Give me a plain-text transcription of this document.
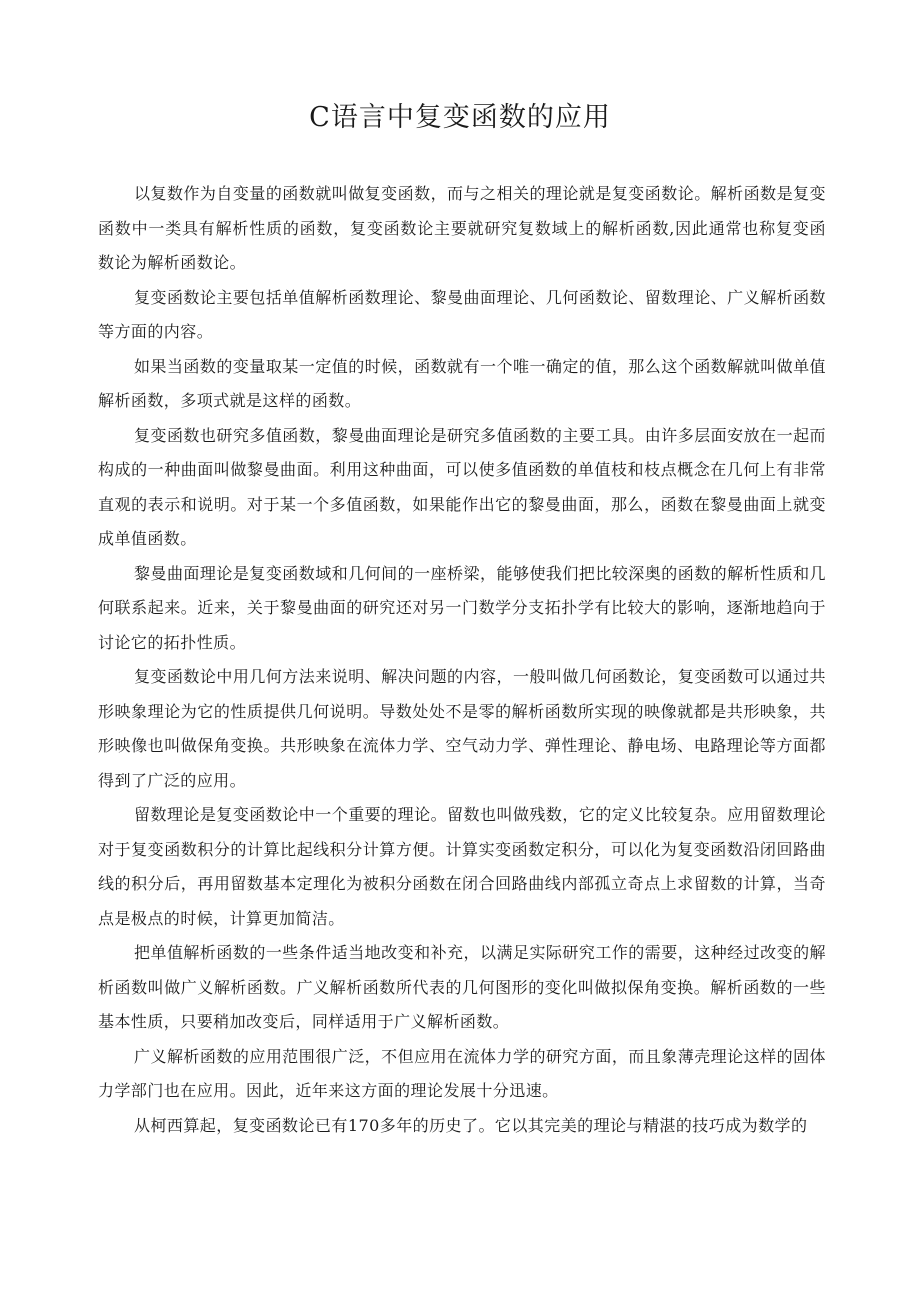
C语言中复变函数的应用

以复数作为自变量的函数就叫做复变函数，而与之相关的理论就是复变函数论。解析函数是复变函数中一类具有解析性质的函数，复变函数论主要就研究复数域上的解析函数,因此通常也称复变函数论为解析函数论。

复变函数论主要包括单值解析函数理论、黎曼曲面理论、几何函数论、留数理论、广义解析函数等方面的内容。

如果当函数的变量取某一定值的时候，函数就有一个唯一确定的值，那么这个函数解就叫做单值解析函数，多项式就是这样的函数。

复变函数也研究多值函数，黎曼曲面理论是研究多值函数的主要工具。由许多层面安放在一起而构成的一种曲面叫做黎曼曲面。利用这种曲面，可以使多值函数的单值枝和枝点概念在几何上有非常直观的表示和说明。对于某一个多值函数，如果能作出它的黎曼曲面，那么，函数在黎曼曲面上就变成单值函数。

黎曼曲面理论是复变函数域和几何间的一座桥梁，能够使我们把比较深奥的函数的解析性质和几何联系起来。近来，关于黎曼曲面的研究还对另一门数学分支拓扑学有比较大的影响，逐渐地趋向于讨论它的拓扑性质。

复变函数论中用几何方法来说明、解决问题的内容，一般叫做几何函数论，复变函数可以通过共形映象理论为它的性质提供几何说明。导数处处不是零的解析函数所实现的映像就都是共形映象，共形映像也叫做保角变换。共形映象在流体力学、空气动力学、弹性理论、静电场、电路理论等方面都得到了广泛的应用。

留数理论是复变函数论中一个重要的理论。留数也叫做残数，它的定义比较复杂。应用留数理论对于复变函数积分的计算比起线积分计算方便。计算实变函数定积分，可以化为复变函数沿闭回路曲线的积分后，再用留数基本定理化为被积分函数在闭合回路曲线内部孤立奇点上求留数的计算，当奇点是极点的时候，计算更加简洁。

把单值解析函数的一些条件适当地改变和补充，以满足实际研究工作的需要，这种经过改变的解析函数叫做广义解析函数。广义解析函数所代表的几何图形的变化叫做拟保角变换。解析函数的一些基本性质，只要稍加改变后，同样适用于广义解析函数。

广义解析函数的应用范围很广泛，不但应用在流体力学的研究方面，而且象薄壳理论这样的固体力学部门也在应用。因此，近年来这方面的理论发展十分迅速。

从柯西算起，复变函数论已有170多年的历史了。它以其完美的理论与精湛的技巧成为数学的
